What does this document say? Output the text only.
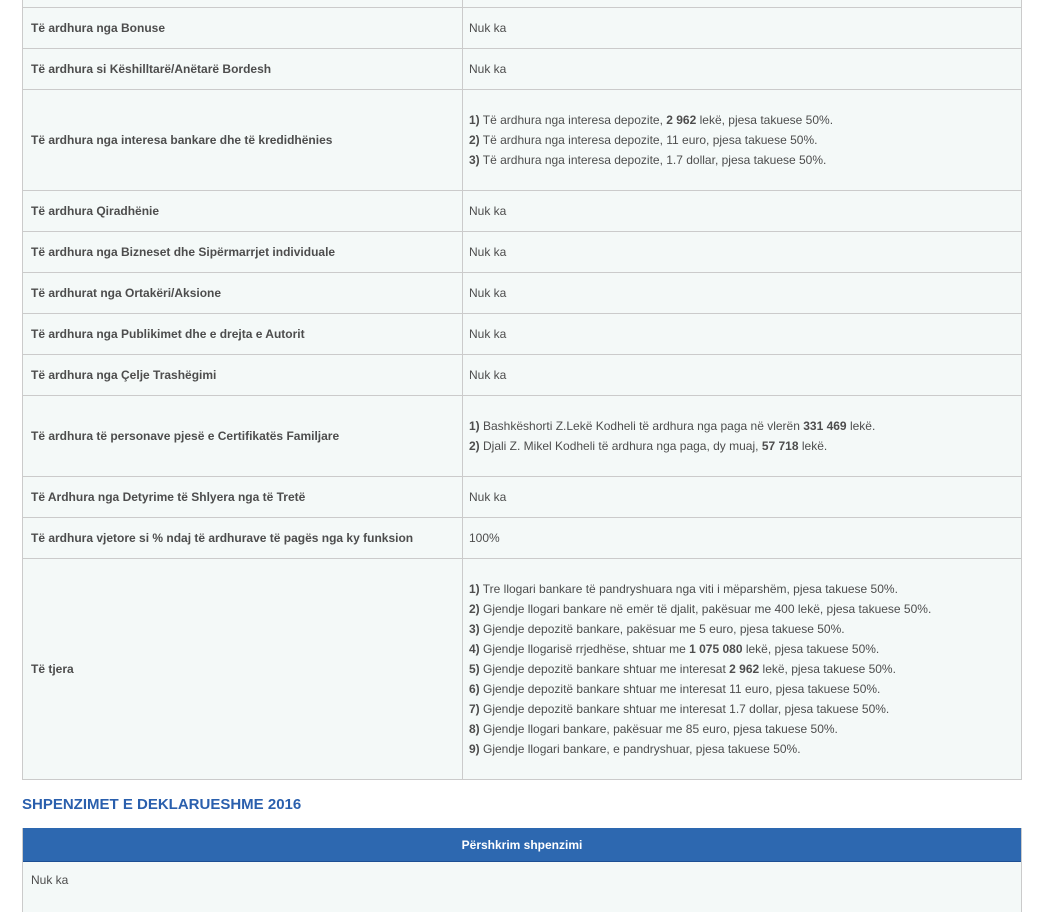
Të ardhura nga Bonuse	Nuk ka
Të ardhura si Këshilltarë/Anëtarë Bordesh	Nuk ka
Të ardhura nga interesa bankare dhe të kredidhënies
1) Të ardhura nga interesa depozite, 2 962 lekë, pjesa takuese 50%.
2) Të ardhura nga interesa depozite, 11 euro, pjesa takuese 50%.
3) Të ardhura nga interesa depozite, 1.7 dollar, pjesa takuese 50%.
Të ardhura Qiradhënie	Nuk ka
Të ardhura nga Bizneset dhe Sipërmarrjet individuale	Nuk ka
Të ardhurat nga Ortakëri/Aksione	Nuk ka
Të ardhura nga Publikimet dhe e drejta e Autorit	Nuk ka
Të ardhura nga Çelje Trashëgimi	Nuk ka
Të ardhura të personave pjesë e Certifikatës Familjare
1) Bashkëshorti Z.Lekë Kodheli të ardhura nga paga në vlerën 331 469 lekë.
2) Djali Z. Mikel Kodheli të ardhura nga paga, dy muaj, 57 718 lekë.
Të Ardhura nga Detyrime të Shlyera nga të Tretë	Nuk ka
Të ardhura vjetore si % ndaj të ardhurave të pagës nga ky funksion	100%
Të tjera
1) Tre llogari bankare të pandryshuara nga viti i mëparshëm, pjesa takuese 50%.
2) Gjendje llogari bankare në emër të djalit, pakësuar me 400 lekë, pjesa takuese 50%.
3) Gjendje depozitë bankare, pakësuar me 5 euro, pjesa takuese 50%.
4) Gjendje llogarisë rrjedhëse, shtuar me 1 075 080 lekë, pjesa takuese 50%.
5) Gjendje depozitë bankare shtuar me interesat 2 962 lekë, pjesa takuese 50%.
6) Gjendje depozitë bankare shtuar me interesat 11 euro, pjesa takuese 50%.
7) Gjendje depozitë bankare shtuar me interesat 1.7 dollar, pjesa takuese 50%.
8) Gjendje llogari bankare, pakësuar me 85 euro, pjesa takuese 50%.
9) Gjendje llogari bankare, e pandryshuar, pjesa takuese 50%.
SHPENZIMET E DEKLARUESHME 2016
Përshkrim shpenzimi
Nuk ka
